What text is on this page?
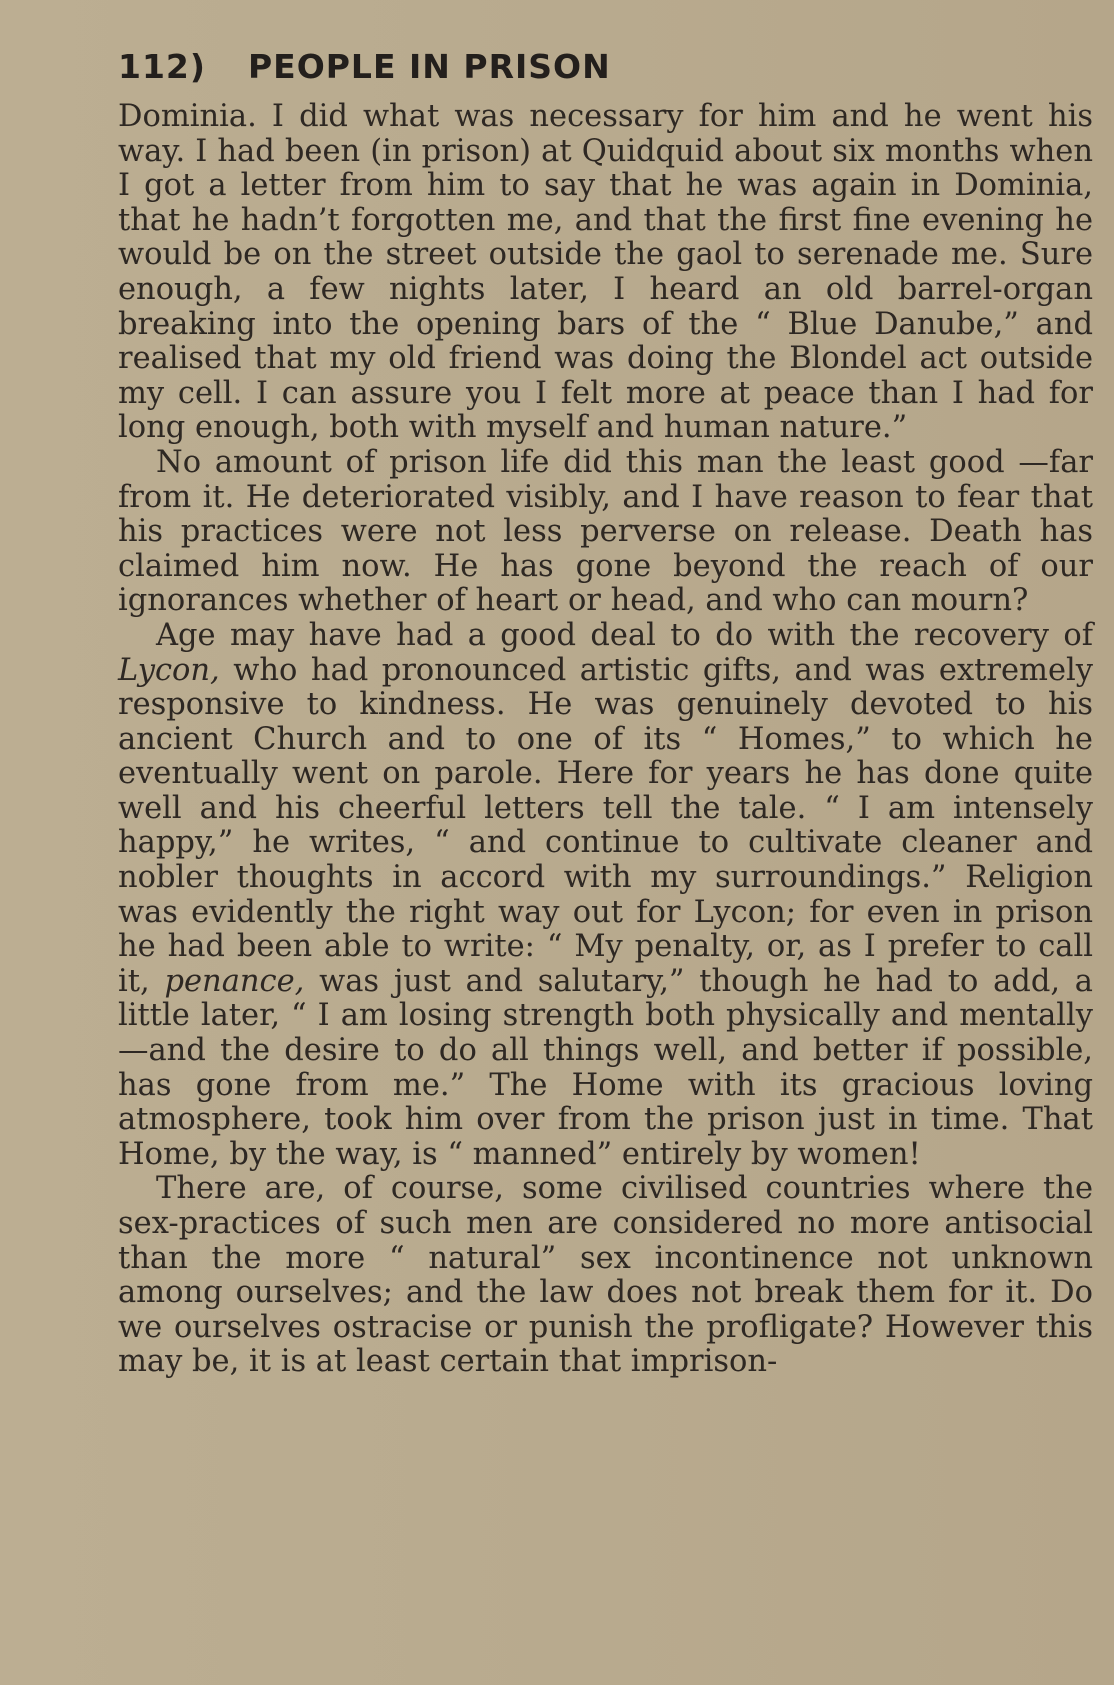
112) PEOPLE IN PRISON

Dominia. I did what was necessary for him and he went his way. I had been (in prison) at Quidquid about six months when I got a letter from him to say that he was again in Dominia, that he hadn’t forgotten me, and that the first fine evening he would be on the street outside the gaol to serenade me. Sure enough, a few nights later, I heard an old barrel-organ breaking into the opening bars of the “ Blue Danube,” and realised that my old friend was doing the Blondel act outside my cell. I can assure you I felt more at peace than I had for long enough, both with myself and human nature.”

No amount of prison life did this man the least good —far from it. He deteriorated visibly, and I have reason to fear that his practices were not less perverse on release. Death has claimed him now. He has gone beyond the reach of our ignorances whether of heart or head, and who can mourn?

Age may have had a good deal to do with the recovery of Lycon, who had pronounced artistic gifts, and was extremely responsive to kindness. He was genuinely devoted to his ancient Church and to one of its “ Homes,” to which he eventually went on parole. Here for years he has done quite well and his cheerful letters tell the tale. “ I am intensely happy,” he writes, “ and continue to cultivate cleaner and nobler thoughts in accord with my surroundings.” Religion was evidently the right way out for Lycon; for even in prison he had been able to write: “ My penalty, or, as I prefer to call it, penance, was just and salutary,” though he had to add, a little later, “ I am losing strength both physically and mentally—and the desire to do all things well, and better if possible, has gone from me.” The Home with its gracious loving atmosphere, took him over from the prison just in time. That Home, by the way, is “ manned” entirely by women!

There are, of course, some civilised countries where the sex-practices of such men are considered no more antisocial than the more “ natural” sex incontinence not unknown among ourselves; and the law does not break them for it. Do we ourselves ostracise or punish the profligate? However this may be, it is at least certain that imprison-
